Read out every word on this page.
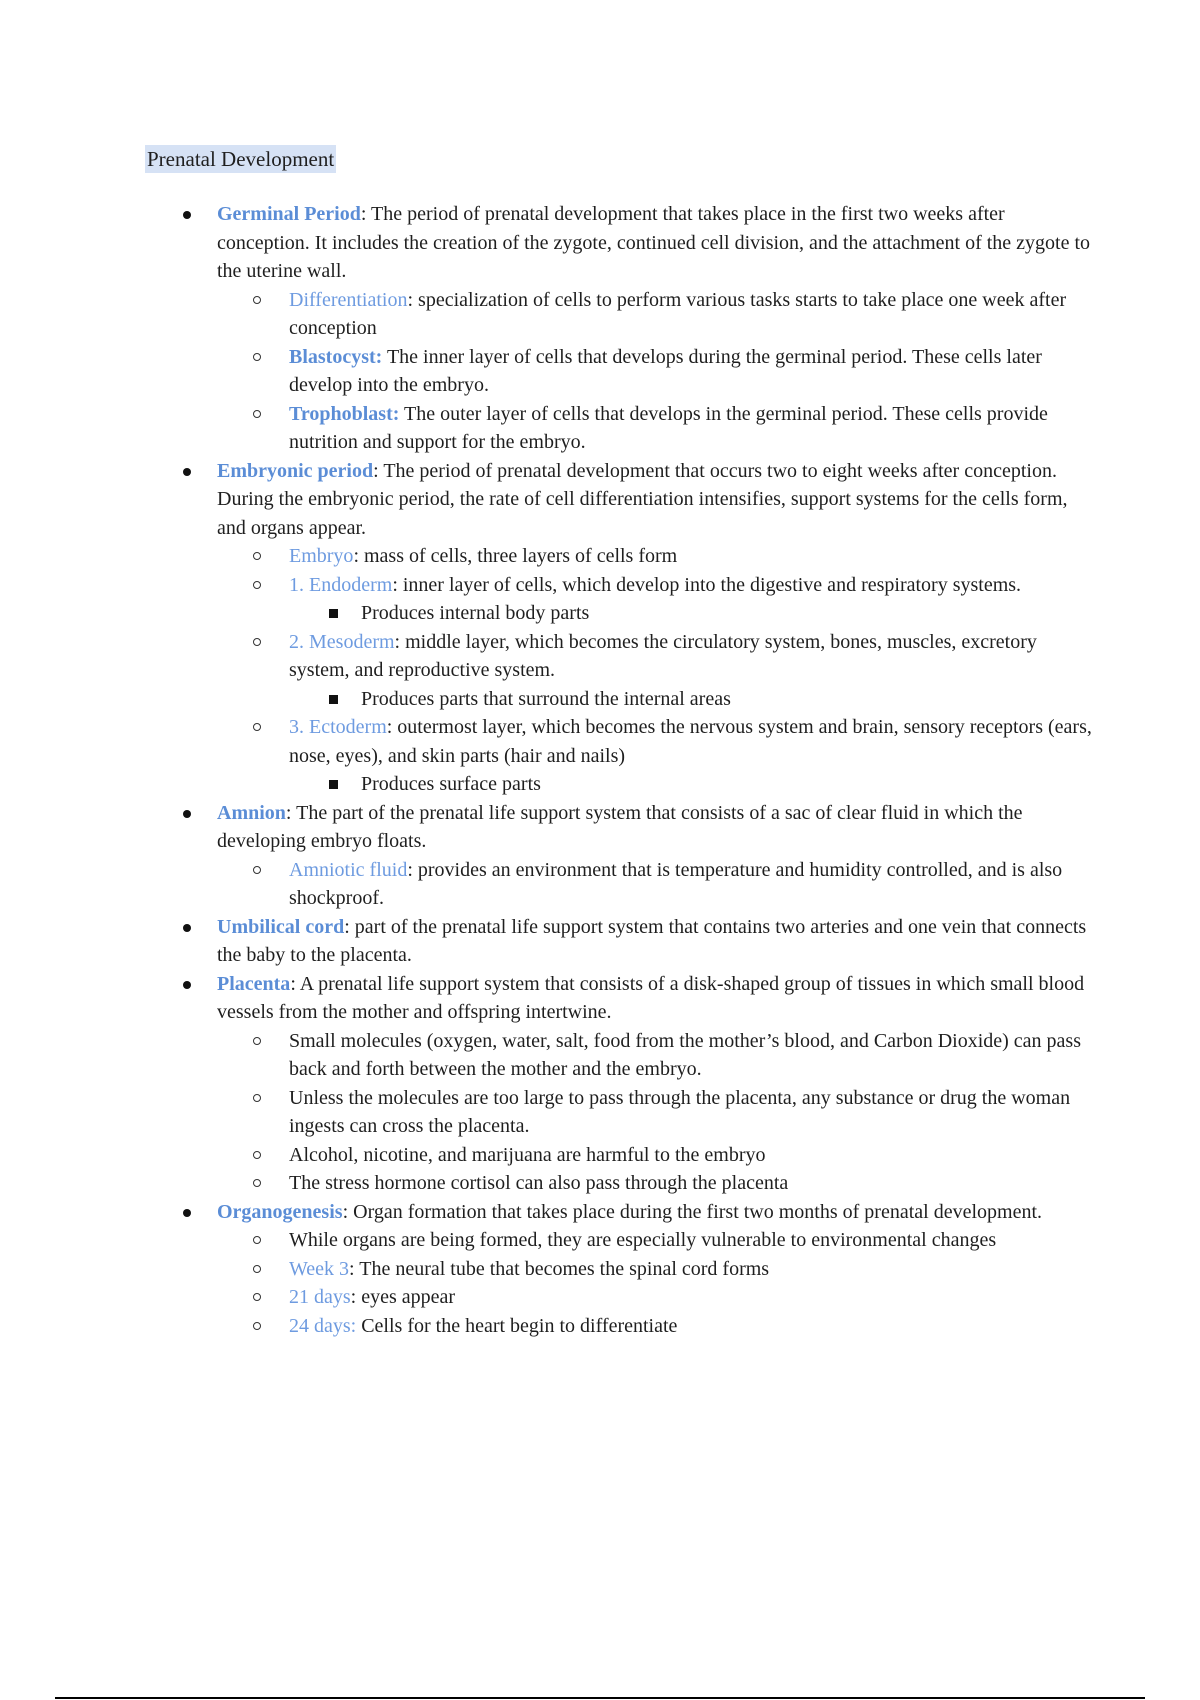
Prenatal Development
Germinal Period: The period of prenatal development that takes place in the first two weeks after conception. It includes the creation of the zygote, continued cell division, and the attachment of the zygote to the uterine wall.
Differentiation: specialization of cells to perform various tasks starts to take place one week after conception
Blastocyst: The inner layer of cells that develops during the germinal period. These cells later develop into the embryo.
Trophoblast: The outer layer of cells that develops in the germinal period. These cells provide nutrition and support for the embryo.
Embryonic period: The period of prenatal development that occurs two to eight weeks after conception. During the embryonic period, the rate of cell differentiation intensifies, support systems for the cells form, and organs appear.
Embryo: mass of cells, three layers of cells form
1. Endoderm: inner layer of cells, which develop into the digestive and respiratory systems.
Produces internal body parts
2. Mesoderm: middle layer, which becomes the circulatory system, bones, muscles, excretory system, and reproductive system.
Produces parts that surround the internal areas
3. Ectoderm: outermost layer, which becomes the nervous system and brain, sensory receptors (ears, nose, eyes), and skin parts (hair and nails)
Produces surface parts
Amnion: The part of the prenatal life support system that consists of a sac of clear fluid in which the developing embryo floats.
Amniotic fluid: provides an environment that is temperature and humidity controlled, and is also shockproof.
Umbilical cord: part of the prenatal life support system that contains two arteries and one vein that connects the baby to the placenta.
Placenta: A prenatal life support system that consists of a disk-shaped group of tissues in which small blood vessels from the mother and offspring intertwine.
Small molecules (oxygen, water, salt, food from the mother’s blood, and Carbon Dioxide) can pass back and forth between the mother and the embryo.
Unless the molecules are too large to pass through the placenta, any substance or drug the woman ingests can cross the placenta.
Alcohol, nicotine, and marijuana are harmful to the embryo
The stress hormone cortisol can also pass through the placenta
Organogenesis: Organ formation that takes place during the first two months of prenatal development.
While organs are being formed, they are especially vulnerable to environmental changes
Week 3: The neural tube that becomes the spinal cord forms
21 days: eyes appear
24 days: Cells for the heart begin to differentiate
